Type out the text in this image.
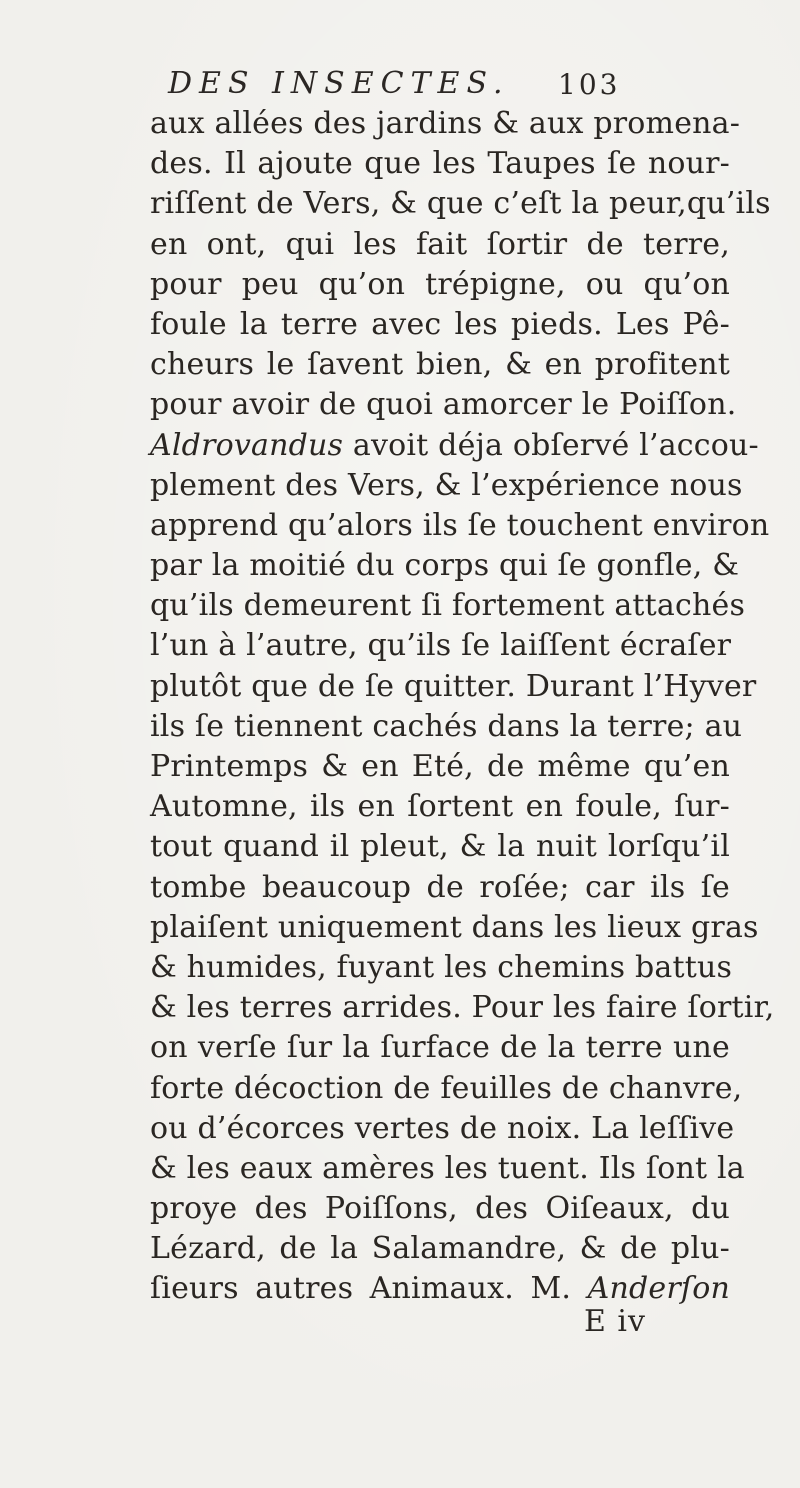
DES INSECTES. 103
aux allées des jardins & aux promena-
des. Il ajoute que les Taupes ſe nour-
riſſent de Vers, & que c’eſt la peur,qu’ils
en ont, qui les fait ſortir de terre,
pour peu qu’on trépigne, ou qu’on
foule la terre avec les pieds. Les Pê-
cheurs le ſavent bien, & en profitent
pour avoir de quoi amorcer le Poiſſon.
Aldrovandus avoit déja obſervé l’accou-
plement des Vers, & l’expérience nous
apprend qu’alors ils ſe touchent environ
par la moitié du corps qui ſe gonfle, &
qu’ils demeurent ſi fortement attachés
l’un à l’autre, qu’ils ſe laiſſent écraſer
plutôt que de ſe quitter. Durant l’Hyver
ils ſe tiennent cachés dans la terre; au
Printemps & en Eté, de même qu’en
Automne, ils en ſortent en foule, ſur-
tout quand il pleut, & la nuit lorſqu’il
tombe beaucoup de roſée; car ils ſe
plaiſent uniquement dans les lieux gras
& humides, fuyant les chemins battus
& les terres arrides. Pour les faire ſortir,
on verſe ſur la ſurface de la terre une
forte décoction de feuilles de chanvre,
ou d’écorces vertes de noix. La leſſive
& les eaux amères les tuent. Ils ſont la
proye des Poiſſons, des Oiſeaux, du
Lézard, de la Salamandre, & de plu-
ſieurs autres Animaux. M. Anderſon
E iv
